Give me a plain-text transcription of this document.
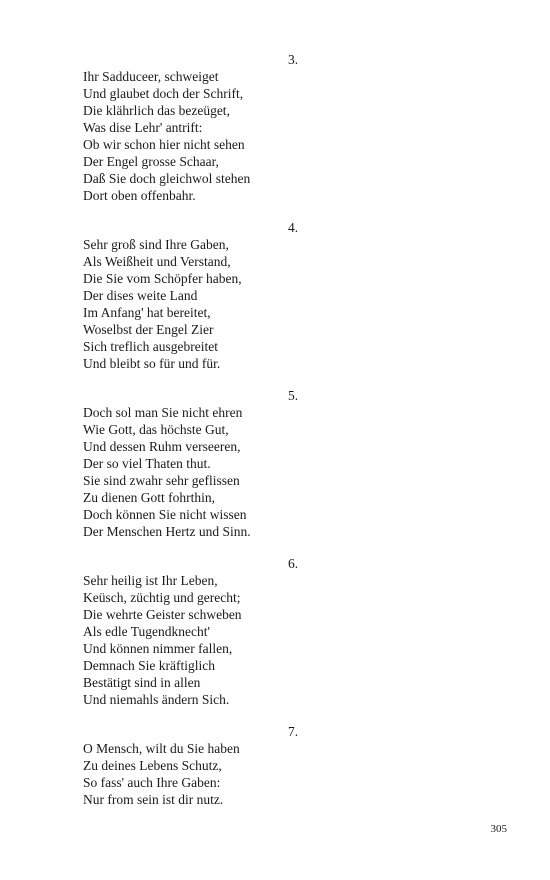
3.
Ihr Sadduceer, schweiget
Und glaubet doch der Schrift,
Die klährlich das bezeüget,
Was dise Lehr' antrift:
Ob wir schon hier nicht sehen
Der Engel grosse Schaar,
Daß Sie doch gleichwol stehen
Dort oben offenbahr.
4.
Sehr groß sind Ihre Gaben,
Als Weißheit und Verstand,
Die Sie vom Schöpfer haben,
Der dises weite Land
Im Anfang' hat bereitet,
Woselbst der Engel Zier
Sich treflich ausgebreitet
Und bleibt so für und für.
5.
Doch sol man Sie nicht ehren
Wie Gott, das höchste Gut,
Und dessen Ruhm verseeren,
Der so viel Thaten thut.
Sie sind zwahr sehr geflissen
Zu dienen Gott fohrthin,
Doch können Sie nicht wissen
Der Menschen Hertz und Sinn.
6.
Sehr heilig ist Ihr Leben,
Keüsch, züchtig und gerecht;
Die wehrte Geister schweben
Als edle Tugendknecht'
Und können nimmer fallen,
Demnach Sie kräftiglich
Bestätigt sind in allen
Und niemahls ändern Sich.
7.
O Mensch, wilt du Sie haben
Zu deines Lebens Schutz,
So fass' auch Ihre Gaben:
Nur from sein ist dir nutz.
305
